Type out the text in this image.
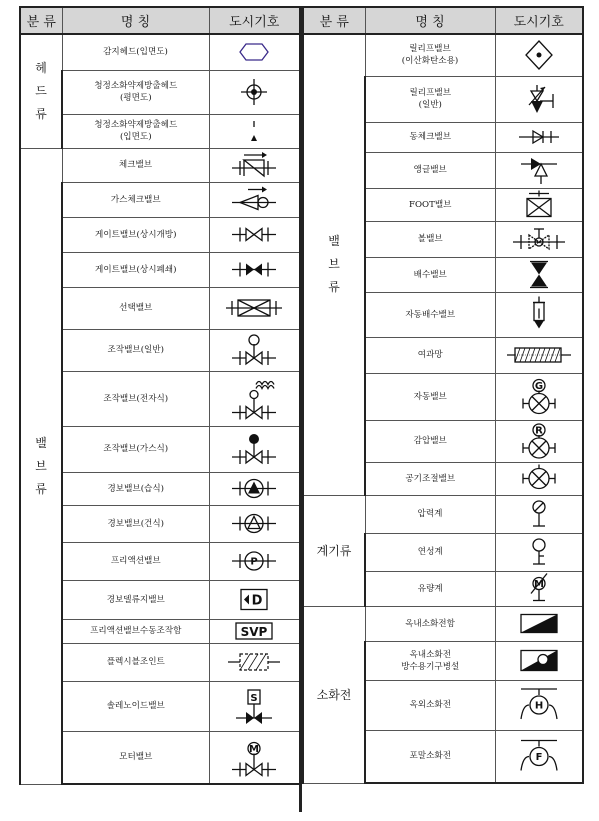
분 류	명 칭	도시기호

헤
드
류	감지헤드(입면도)	

	청정소화약제방출헤드
(평면도)	

	청정소화약제방출헤드
(입면도)	

밸
브
류	체크밸브	

	가스체크밸브	

	게이트밸브(상시개방)	

	게이트밸브(상시폐쇄)	

	선택밸브	

	조작밸브(일반)	

	조작밸브(전자식)	

	조작밸브(가스식)	

	경보밸브(습식)	

	경보밸브(건식)	

	프리액션밸브	P

	경보델류지밸브	D

	프리액션밸브수동조작함	SVP

	플렉시블조인트	

	솔레노이드밸브	S

	모터밸브	M
분 류	명 칭	도시기호

밸
브
류	릴리프밸브
(이산화탄소용)	

	릴리프밸브
(일반)	

	동체크밸브	

	앵글밸브	

	FOOT밸브	

	볼밸브	

	배수밸브	

	자동배수밸브	

	여과망	

	자동밸브	G

	감압밸브	R

	공기조절밸브	

계기류	압력계	

	연성계	

	유량계	M

소화전	옥내소화전함	

	옥내소화전
방수용기구병설	

	옥외소화전	H

	포말소화전	F
